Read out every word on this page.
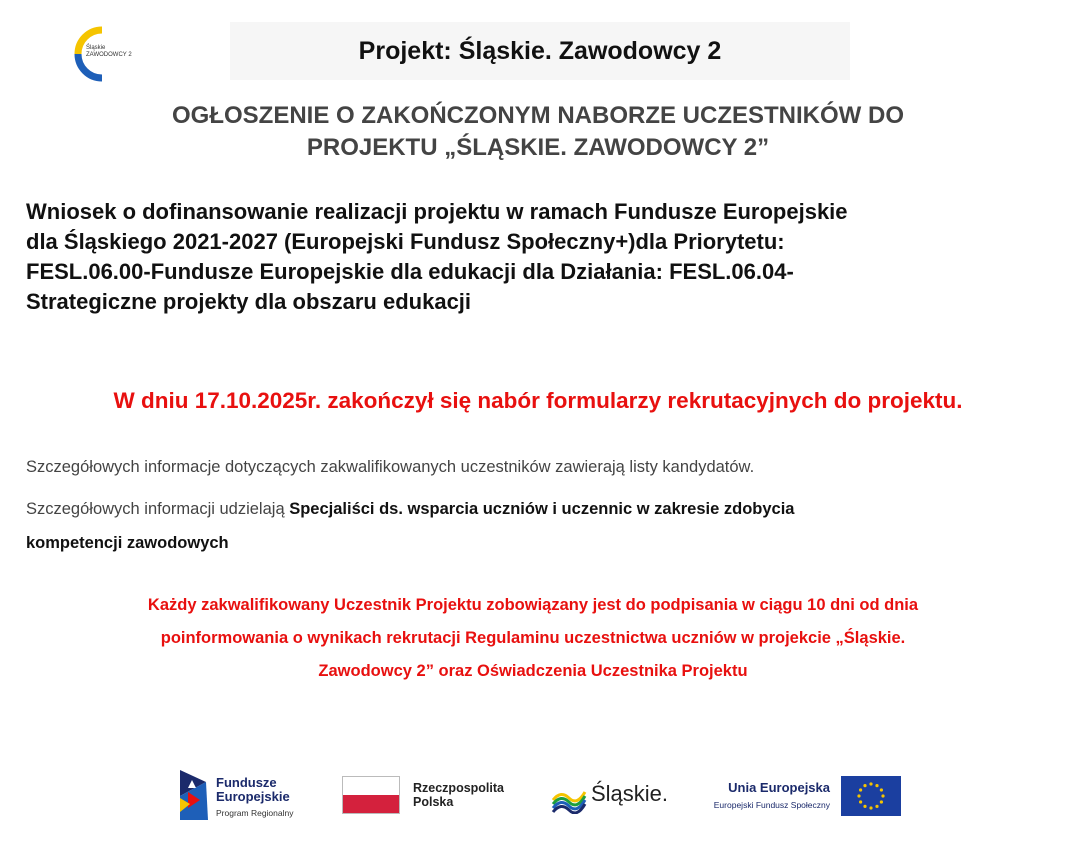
Śląskie
ZAWODOWCY 2	Projekt: Śląskie. Zawodowcy 2
OGŁOSZENIE O ZAKOŃCZONYM NABORZE UCZESTNIKÓW DO
PROJEKTU „ŚLĄSKIE. ZAWODOWCY 2”
Wniosek o dofinansowanie realizacji projektu w ramach Fundusze Europejskie
dla Śląskiego 2021-2027 (Europejski Fundusz Społeczny+)dla Priorytetu:
FESL.06.00-Fundusze Europejskie dla edukacji dla Działania: FESL.06.04-
Strategiczne projekty dla obszaru edukacji
W dniu 17.10.2025r. zakończył się nabór formularzy rekrutacyjnych do projektu.
Szczegółowych informacje dotyczących zakwalifikowanych uczestników zawierają listy kandydatów.
Szczegółowych informacji udzielają Specjaliści ds. wsparcia uczniów i uczennic w zakresie zdobycia
kompetencji zawodowych
Każdy zakwalifikowany Uczestnik Projektu zobowiązany jest do podpisania w ciągu 10 dni od dnia
poinformowania o wynikach rekrutacji Regulaminu uczestnictwa uczniów w projekcie „Śląskie.
Zawodowcy 2” oraz Oświadczenia Uczestnika Projektu
Fundusze
Europejskie
Program Regionalny
Rzeczpospolita
Polska	Śląskie.	Unia Europejska
Europejski Fundusz Społeczny
